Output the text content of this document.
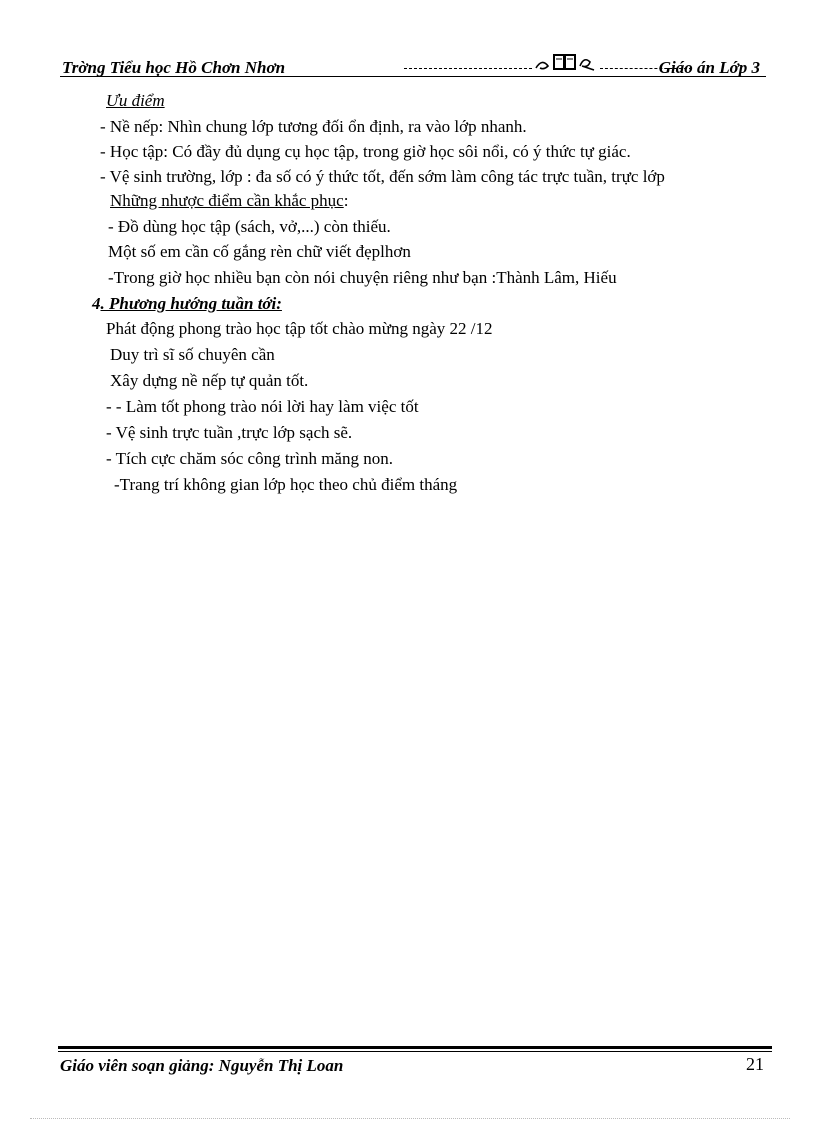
Trờng Tiểu học Hồ Chơn Nhơn	Giáo án Lớp 3
Ưu điểm
- Nề nếp: Nhìn chung lớp tương đối ổn định, ra vào lớp nhanh.
- Học tập: Có đầy đủ dụng cụ học tập, trong giờ học sôi nổi, có ý thức tự giác.
- Vệ sinh trường, lớp : đa số có ý thức tốt, đến sớm làm công tác trực tuần, trực lớp
Những nhược điểm cần khắc phục:
- Đồ dùng học tập (sách, vở,...) còn thiếu.
Một số em cần cố gắng rèn chữ viết đẹplhơn
-Trong giờ học nhiều bạn còn nói chuyện riêng như bạn :Thành Lâm, Hiếu
4. Phương hướng tuần tới:
Phát động phong trào học tập tốt chào mừng ngày 22 /12
Duy trì sĩ số chuyên cần
Xây dựng nề nếp tự quản tốt.
- - Làm tốt phong trào nói lời hay làm việc tốt
- Vệ sinh trực tuần ,trực lớp sạch sẽ.
- Tích cực chăm sóc công trình măng non.
-Trang trí không gian lớp học theo chủ điểm tháng
Giáo viên soạn giảng: Nguyễn Thị Loan	21
